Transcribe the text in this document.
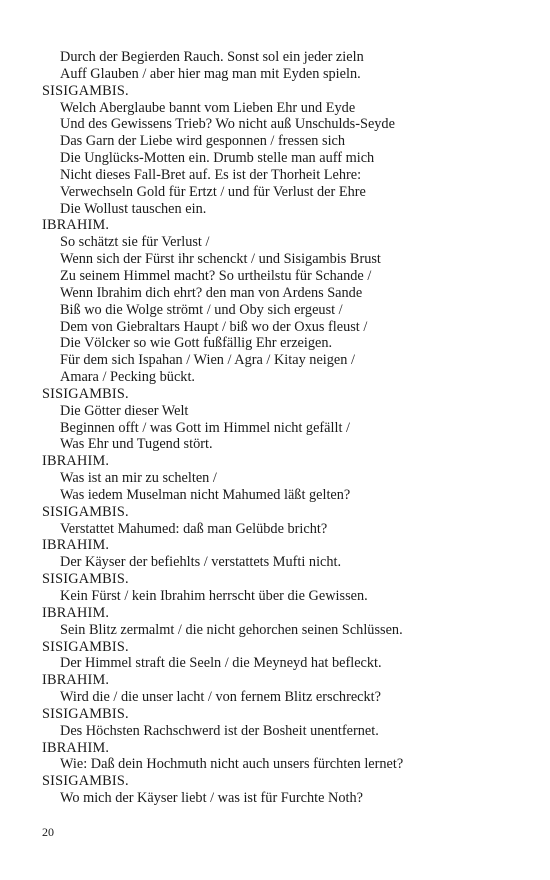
Durch der Begierden Rauch. Sonst sol ein jeder zieln
Auff Glauben / aber hier mag man mit Eyden spieln.
SISIGAMBIS.
Welch Aberglaube bannt vom Lieben Ehr und Eyde
Und des Gewissens Trieb? Wo nicht auß Unschulds-Seyde
Das Garn der Liebe wird gesponnen / fressen sich
Die Unglücks-Motten ein. Drumb stelle man auff mich
Nicht dieses Fall-Bret auf. Es ist der Thorheit Lehre:
Verwechseln Gold für Ertzt / und für Verlust der Ehre
Die Wollust tauschen ein.
IBRAHIM.
So schätzt sie für Verlust /
Wenn sich der Fürst ihr schenckt / und Sisigambis Brust
Zu seinem Himmel macht? So urtheilstu für Schande /
Wenn Ibrahim dich ehrt? den man von Ardens Sande
Biß wo die Wolge strömt / und Oby sich ergeust /
Dem von Giebraltars Haupt / biß wo der Oxus fleust /
Die Völcker so wie Gott fußfällig Ehr erzeigen.
Für dem sich Ispahan / Wien / Agra / Kitay neigen /
Amara / Pecking bückt.
SISIGAMBIS.
Die Götter dieser Welt
Beginnen offt / was Gott im Himmel nicht gefällt /
Was Ehr und Tugend stört.
IBRAHIM.
Was ist an mir zu schelten /
Was iedem Muselman nicht Mahumed läßt gelten?
SISIGAMBIS.
Verstattet Mahumed: daß man Gelübde bricht?
IBRAHIM.
Der Käyser der befiehlts / verstattets Mufti nicht.
SISIGAMBIS.
Kein Fürst / kein Ibrahim herrscht über die Gewissen.
IBRAHIM.
Sein Blitz zermalmt / die nicht gehorchen seinen Schlüssen.
SISIGAMBIS.
Der Himmel straft die Seeln / die Meyneyd hat befleckt.
IBRAHIM.
Wird die / die unser lacht / von fernem Blitz erschreckt?
SISIGAMBIS.
Des Höchsten Rachschwerd ist der Bosheit unentfernet.
IBRAHIM.
Wie: Daß dein Hochmuth nicht auch unsers fürchten lernet?
SISIGAMBIS.
Wo mich der Käyser liebt / was ist für Furchte Noth?
20
